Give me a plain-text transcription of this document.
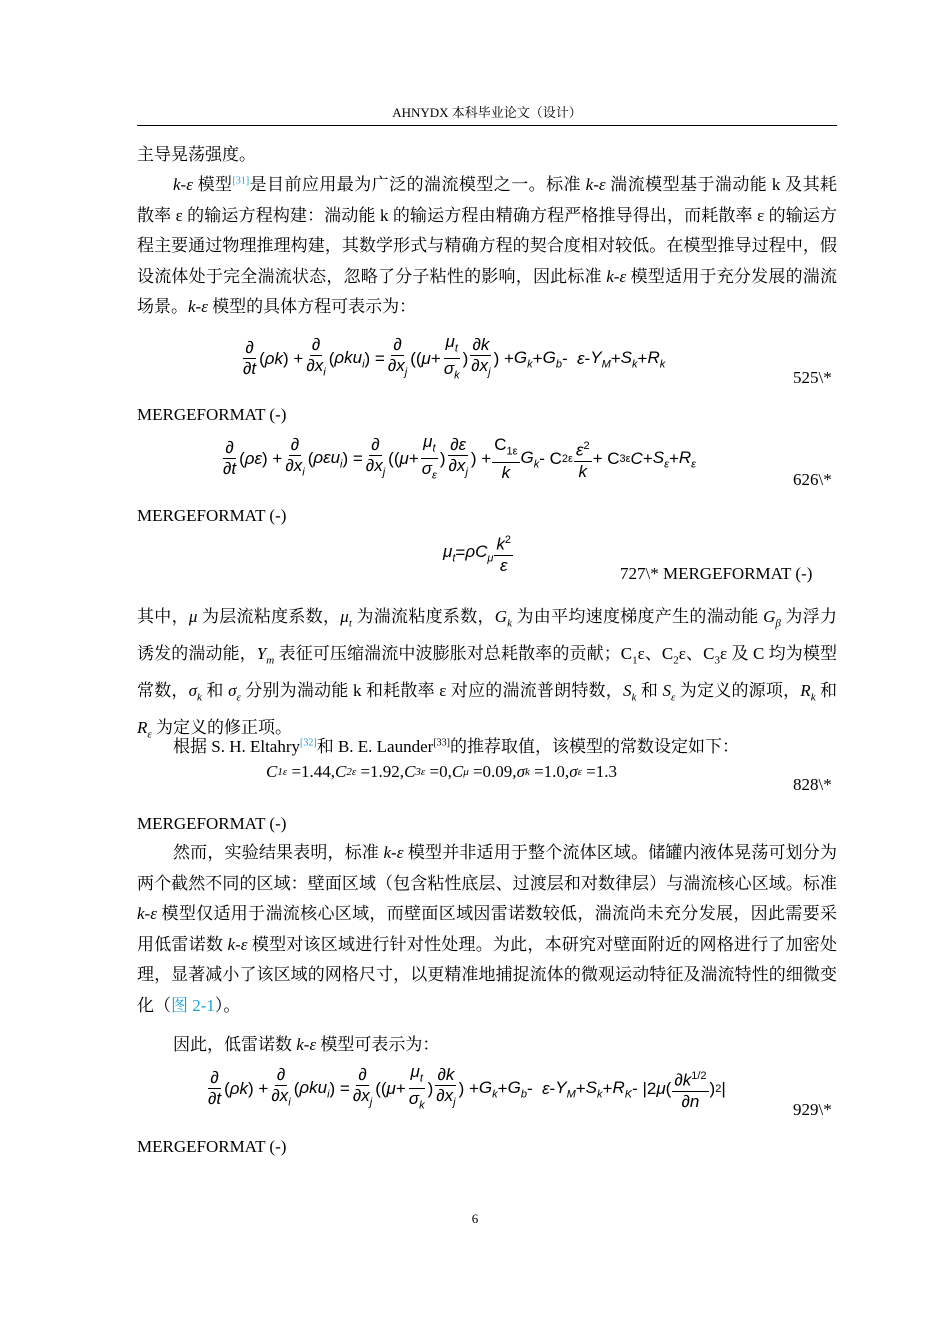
AHNYDX 本科毕业论文（设计）

主导晃荡强度。

k-ε 模型[31]是目前应用最为广泛的湍流模型之一。标准 k-ε 湍流模型基于湍动能 k 及其耗散率 ε 的输运方程构建：湍动能 k 的输运方程由精确方程严格推导得出，而耗散率 ε 的输运方程主要通过物理推理构建，其数学形式与精确方程的契合度相对较低。在模型推导过程中，假设流体处于完全湍流状态，忽略了分子粘性的影响，因此标准 k-ε 模型适用于充分发展的湍流场景。k-ε 模型的具体方程可表示为：

$\frac{\partial}{\partial t}$ ( ρk ) + $\frac{\partial}{\partial x_i}$ ( ρku$_i$ ) = $\frac{\partial}{\partial x_j}$ (( $\mu + \frac{\mu_t}{\sigma_k}$ ) $\frac{\partial k}{\partial x_j}$ ) + $G_k + G_b - \varepsilon - Y_M + S_k + R_k$
525\*
MERGEFORMAT (-)
$\frac{\partial}{\partial t}$ ( ρε ) + $\frac{\partial}{\partial x_i}$ ( ρεu$_i$ ) = $\frac{\partial}{\partial x_j}$ (( $\mu + \frac{\mu_t}{\sigma_\varepsilon}$ ) $\frac{\partial\varepsilon}{\partial x_j}$ ) + $\frac{C_{1\varepsilon}}{k} G_k$ - C $2\varepsilon \frac{\varepsilon^2}{k} + C$ 3ε $C + S_\varepsilon + R_\varepsilon$
626\*
MERGEFORMAT (-)
$\mu_t = \rho C_\mu \frac{k^2}{\varepsilon}$	727\* MERGEFORMAT (-)

其中，μ 为层流粘度系数，$\mu_t$ 为湍流粘度系数，$G_k$ 为由平均速度梯度产生的湍动能 $G_\beta$ 为浮力诱发的湍动能，$Y_m$ 表征可压缩湍流中波膨胀对总耗散率的贡献；$C_1\varepsilon$、$C_2\varepsilon$、$C_3\varepsilon$ 及 C 均为模型常数，$\sigma_k$ 和 $\sigma_\varepsilon$ 分别为湍动能 k 和耗散率 ε 对应的湍流普朗特数，$S_k$ 和 $S_\varepsilon$ 为定义的源项，$R_k$ 和 $R_\varepsilon$ 为定义的修正项。

根据 S. H. Eltahry[32]和 B. E. Launder[33]的推荐取值，该模型的常数设定如下：

C 1ε =1.44, C 2ε =1.92, C 3ε =0, C μ =0.09, σ k =1.0, σ ε =1.3
828\*
MERGEFORMAT (-)

然而，实验结果表明，标准 k-ε 模型并非适用于整个流体区域。储罐内液体晃荡可划分为两个截然不同的区域：壁面区域（包含粘性底层、过渡层和对数律层）与湍流核心区域。标准 k-ε 模型仅适用于湍流核心区域，而壁面区域因雷诺数较低，湍流尚未充分发展，因此需要采用低雷诺数 k-ε 模型对该区域进行针对性处理。为此，本研究对壁面附近的网格进行了加密处理，显著减小了该区域的网格尺寸，以更精准地捕捉流体的微观运动特征及湍流特性的细微变化（图 2-1）。

因此，低雷诺数 k-ε 模型可表示为：

$\frac{\partial}{\partial t}$ ( ρk ) + $\frac{\partial}{\partial x_i}$ ( ρku$_i$ ) = $\frac{\partial}{\partial x_j}$ (( $\mu + \frac{\mu_t}{\sigma_k}$ ) $\frac{\partial k}{\partial x_j}$ ) + $G_k + G_b - \varepsilon - Y_M + S_k + R_K - |2$ μ ( $\frac{\partial k^{1/2}}{\partial n}$ ) 2 |
929\*
MERGEFORMAT (-)
6
